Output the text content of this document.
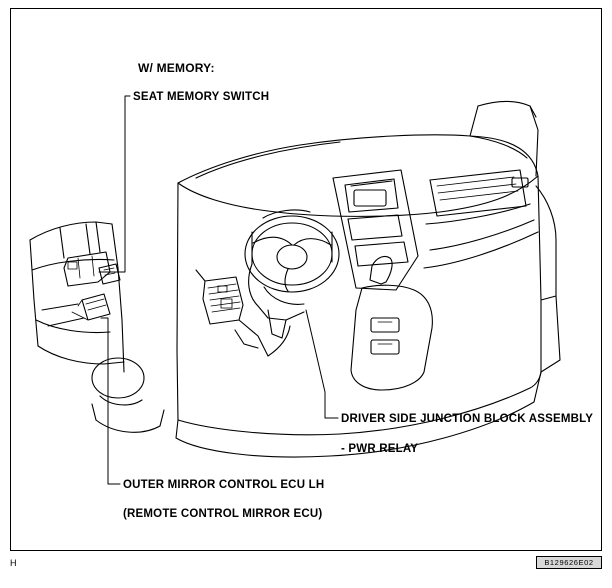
W/ MEMORY:
SEAT MEMORY SWITCH
DRIVER SIDE JUNCTION BLOCK ASSEMBLY
- PWR RELAY
OUTER MIRROR CONTROL ECU LH
(REMOTE CONTROL MIRROR ECU)
H	B129626E02
